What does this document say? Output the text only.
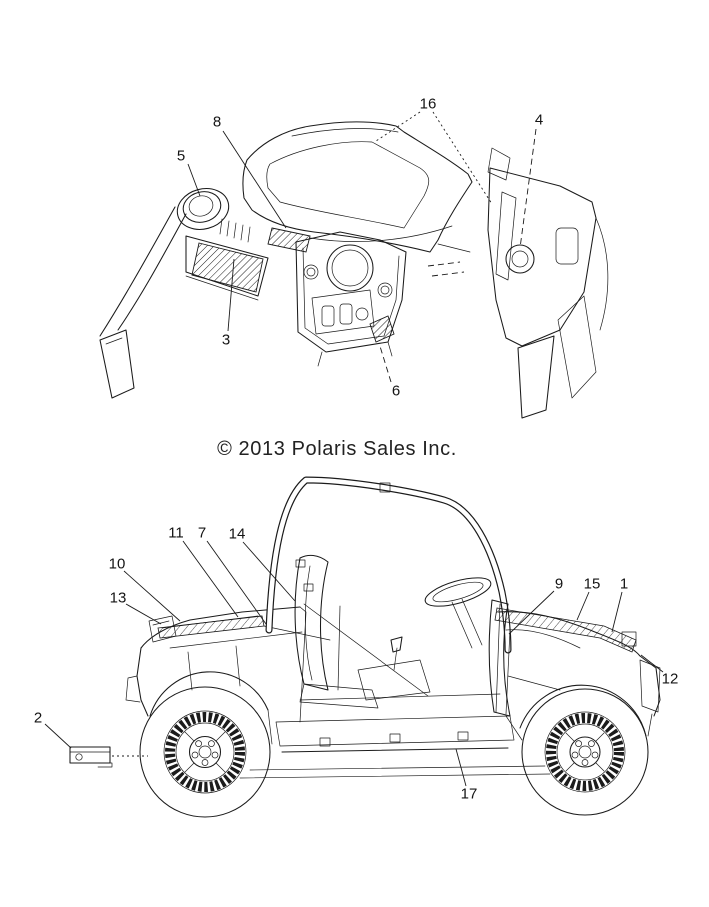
© 2013 Polaris Sales Inc.
5
8
16
4
3
6
11 7 14
10
13
2
9 15 1
12
17
